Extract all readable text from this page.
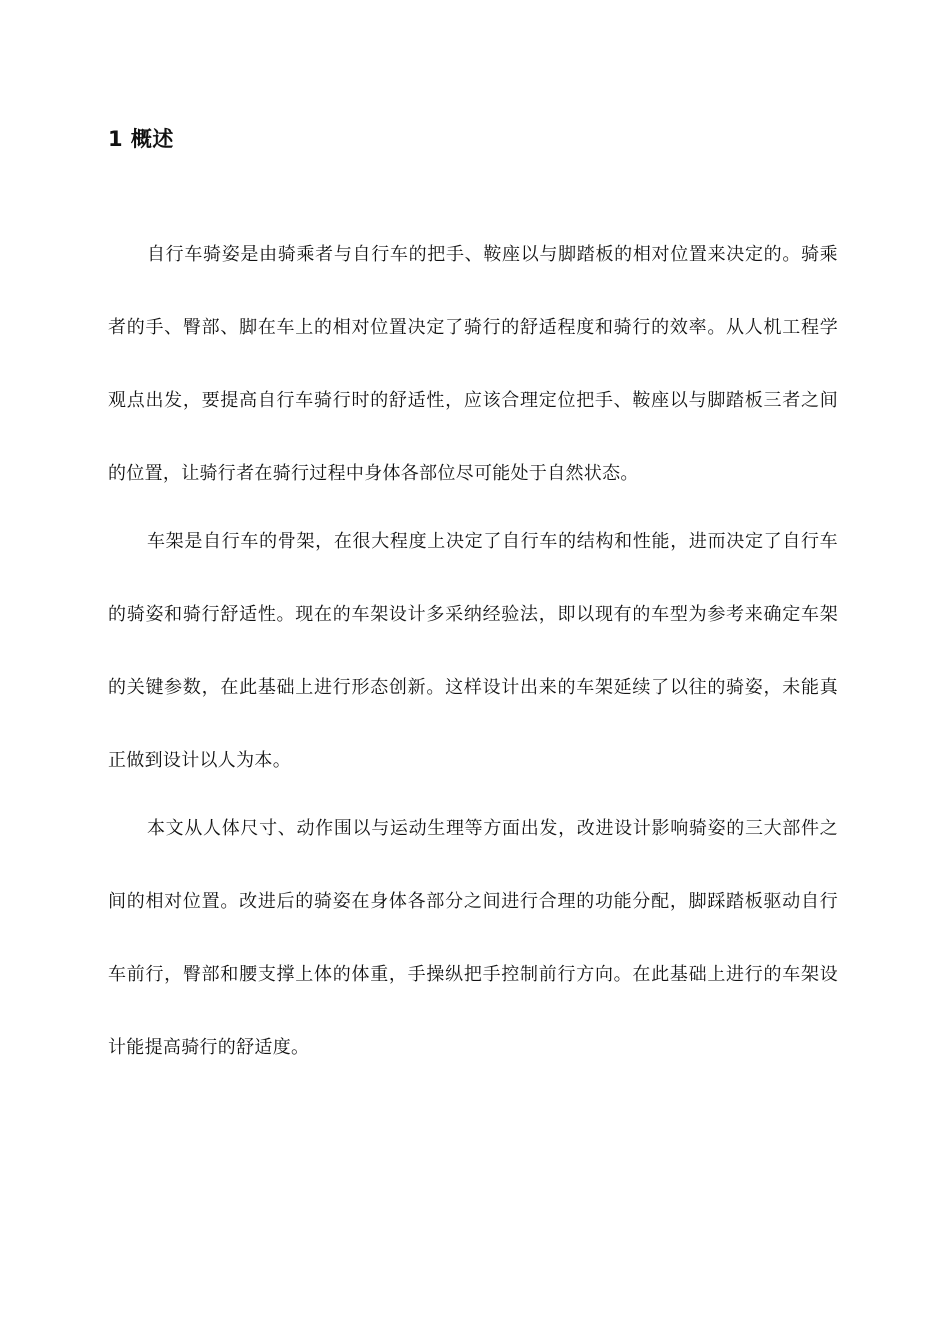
1 概述

自行车骑姿是由骑乘者与自行车的把手、鞍座以与脚踏板的相对位置来决定的。骑乘者的手、臀部、脚在车上的相对位置决定了骑行的舒适程度和骑行的效率。从人机工程学观点出发，要提高自行车骑行时的舒适性，应该合理定位把手、鞍座以与脚踏板三者之间的位置，让骑行者在骑行过程中身体各部位尽可能处于自然状态。

车架是自行车的骨架，在很大程度上决定了自行车的结构和性能，进而决定了自行车的骑姿和骑行舒适性。现在的车架设计多采纳经验法，即以现有的车型为参考来确定车架的关键参数，在此基础上进行形态创新。这样设计出来的车架延续了以往的骑姿，未能真正做到设计以人为本。

本文从人体尺寸、动作围以与运动生理等方面出发，改进设计影响骑姿的三大部件之间的相对位置。改进后的骑姿在身体各部分之间进行合理的功能分配，脚踩踏板驱动自行车前行，臀部和腰支撑上体的体重，手操纵把手控制前行方向。在此基础上进行的车架设计能提高骑行的舒适度。
